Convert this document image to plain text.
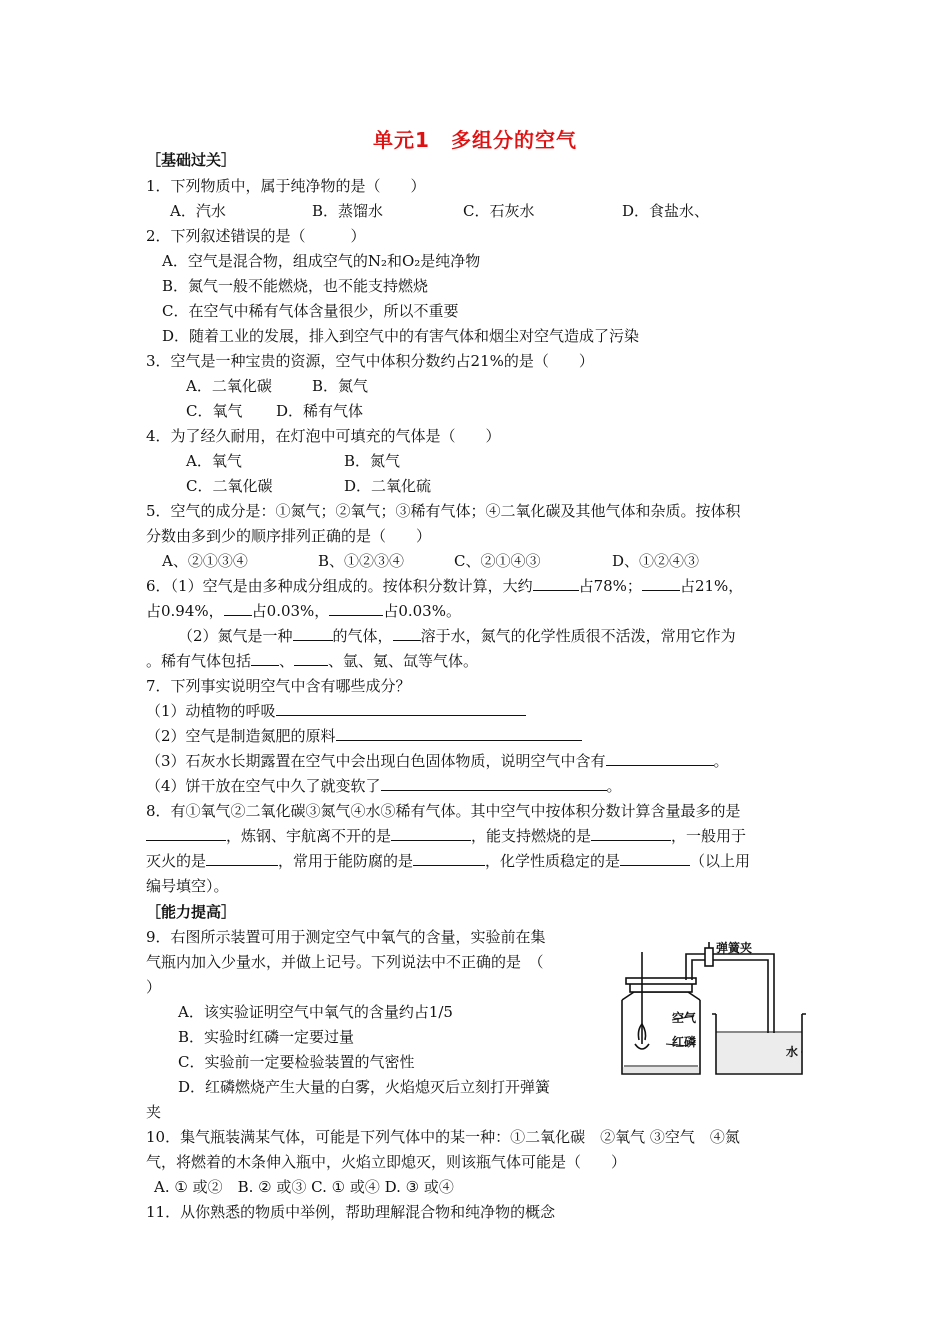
单元1　多组分的空气
［基础过关］
1．下列物质中，属于纯净物的是（　　）
A．汽水	B．蒸馏水	C．石灰水	D．食盐水、
2．下列叙述错误的是（　　　）
A．空气是混合物，组成空气的N₂和O₂是纯净物
B．氮气一般不能燃烧，也不能支持燃烧
C．在空气中稀有气体含量很少，所以不重要
D．随着工业的发展，排入到空气中的有害气体和烟尘对空气造成了污染
3．空气是一种宝贵的资源，空气中体积分数约占21%的是（　　）
A．二氧化碳	B．氮气
C．氧气 D．稀有气体
4．为了经久耐用，在灯泡中可填充的气体是（　　）
A．氧气	B．氮气
C．二氧化碳	D．二氧化硫
5．空气的成分是：①氮气；②氧气；③稀有气体；④二氧化碳及其他气体和杂质。按体积
分数由多到少的顺序排列正确的是（　　）
A、②①③④	B、①②③④	C、②①④③	D、①②④③
6．（1）空气是由多种成分组成的。按体积分数计算，大约	占78%；	占21%，
占0.94%， 占0.03%，	占0.03%。
（2）氮气是一种	的气体， 溶于水，氮气的化学性质很不活泼，常用它作为
。稀有气体包括 、 、氩、氪、氙等气体。
7．下列事实说明空气中含有哪些成分？
（1）动植物的呼吸
（2）空气是制造氮肥的原料
（3）石灰水长期露置在空气中会出现白色固体物质，说明空气中含有	。
（4）饼干放在空气中久了就变软了	。
8．有①氧气②二氧化碳③氮气④水⑤稀有气体。其中空气中按体积分数计算含量最多的是
，炼钢、宇航离不开的是	，能支持燃烧的是	，一般用于
灭火的是	，常用于能防腐的是	，化学性质稳定的是	（以上用
编号填空）。
［能力提高］
9．右图所示装置可用于测定空气中氧气的含量，实验前在集
气瓶内加入少量水，并做上记号。下列说法中不正确的是　（
）
A．该实验证明空气中氧气的含量约占1/5
B．实验时红磷一定要过量
C．实验前一定要检验装置的气密性
D．红磷燃烧产生大量的白雾，火焰熄灭后立刻打开弹簧
夹
弹簧夹
空气
红磷
水
10．集气瓶装满某气体，可能是下列气体中的某一种：①二氧化碳　②氧气 ③空气　④氮
气，将燃着的木条伸入瓶中，火焰立即熄灭，则该瓶气体可能是（　　）
A. ① 或②　B. ② 或③ C. ① 或④ D. ③ 或④
11．从你熟悉的物质中举例，帮助理解混合物和纯净物的概念
